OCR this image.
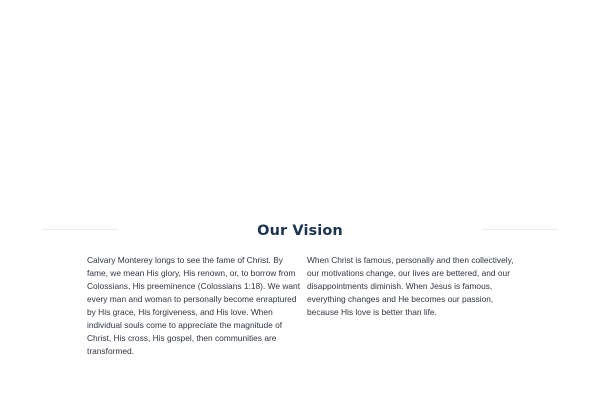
Our Vision

Calvary Monterey longs to see the fame of Christ. By fame, we mean His glory, His renown, or, to borrow from Colossians, His preeminence (Colossians 1:18). We want every man and woman to personally become enraptured by His grace, His forgiveness, and His love. When individual souls come to appreciate the magnitude of Christ, His cross, His gospel, then communities are transformed.

When Christ is famous, personally and then collectively, our motivations change, our lives are bettered, and our disappointments diminish. When Jesus is famous, everything changes and He becomes our passion, because His love is better than life.
